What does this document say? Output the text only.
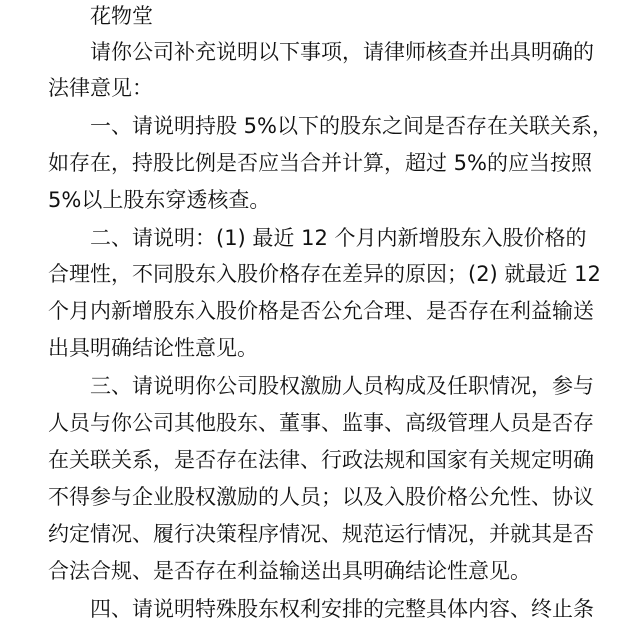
花物堂
请你公司补充说明以下事项，请律师核查并出具明确的
法律意见：
一、请说明持股 5%以下的股东之间是否存在关联关系，
如存在，持股比例是否应当合并计算，超过 5%的应当按照
5%以上股东穿透核查。
二、请说明：(1) 最近 12 个月内新增股东入股价格的
合理性，不同股东入股价格存在差异的原因；(2) 就最近 12
个月内新增股东入股价格是否公允合理、是否存在利益输送
出具明确结论性意见。
三、请说明你公司股权激励人员构成及任职情况，参与
人员与你公司其他股东、董事、监事、高级管理人员是否存
在关联关系，是否存在法律、行政法规和国家有关规定明确
不得参与企业股权激励的人员；以及入股价格公允性、协议
约定情况、履行决策程序情况、规范运行情况，并就其是否
合法合规、是否存在利益输送出具明确结论性意见。
四、请说明特殊股东权利安排的完整具体内容、终止条
